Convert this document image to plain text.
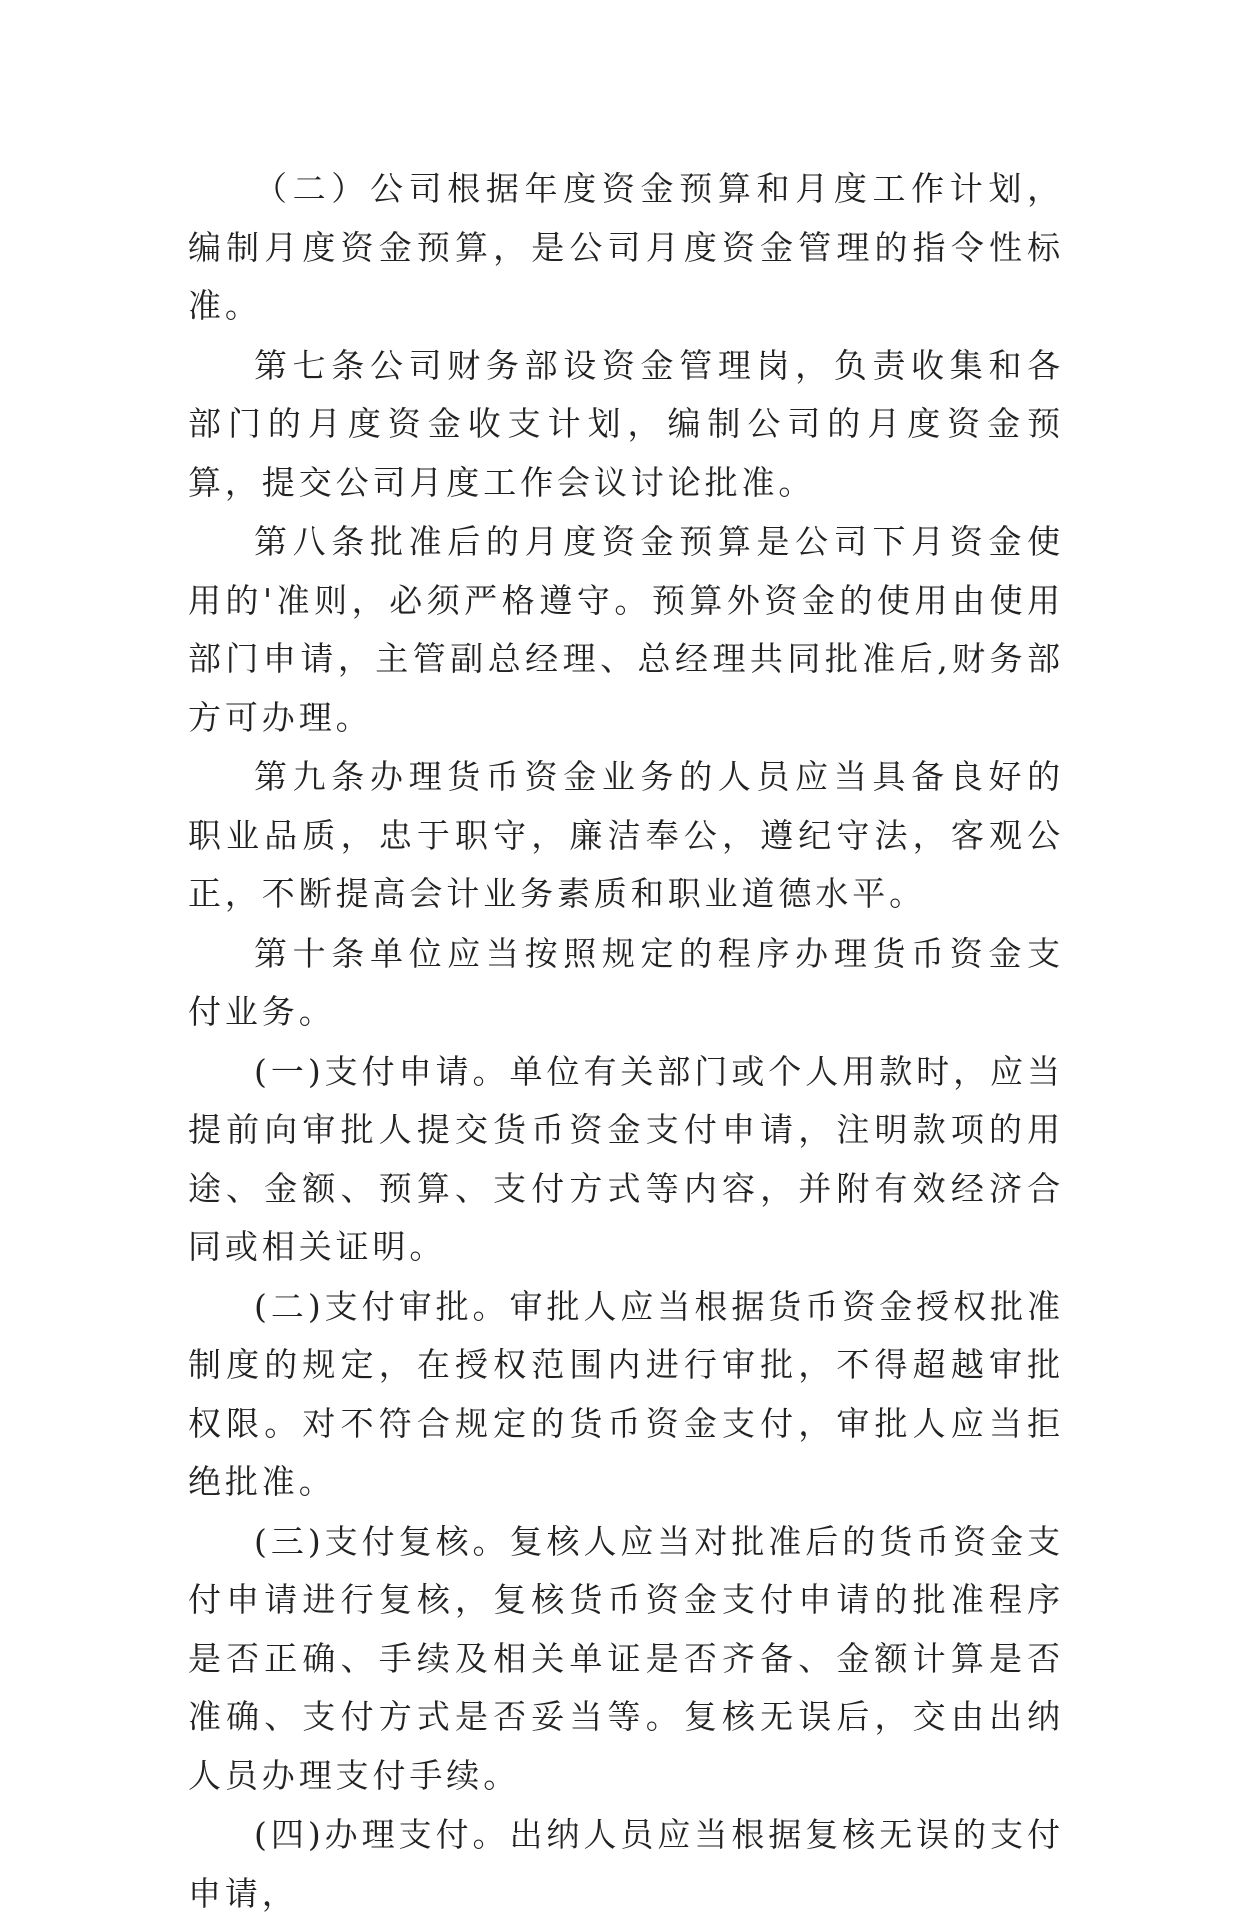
（二）公司根据年度资金预算和月度工作计划，编制月度资金预算，是公司月度资金管理的指令性标准。

第七条公司财务部设资金管理岗，负责收集和各部门的月度资金收支计划，编制公司的月度资金预算，提交公司月度工作会议讨论批准。

第八条批准后的月度资金预算是公司下月资金使用的'准则，必须严格遵守。预算外资金的使用由使用部门申请，主管副总经理、总经理共同批准后,财务部方可办理。

第九条办理货币资金业务的人员应当具备良好的职业品质，忠于职守，廉洁奉公，遵纪守法，客观公正，不断提高会计业务素质和职业道德水平。

第十条单位应当按照规定的程序办理货币资金支付业务。

(一)支付申请。单位有关部门或个人用款时，应当提前向审批人提交货币资金支付申请，注明款项的用途、金额、预算、支付方式等内容，并附有效经济合同或相关证明。

(二)支付审批。审批人应当根据货币资金授权批准制度的规定，在授权范围内进行审批，不得超越审批权限。对不符合规定的货币资金支付，审批人应当拒绝批准。

(三)支付复核。复核人应当对批准后的货币资金支付申请进行复核，复核货币资金支付申请的批准程序是否正确、手续及相关单证是否齐备、金额计算是否准确、支付方式是否妥当等。复核无误后，交由出纳人员办理支付手续。

(四)办理支付。出纳人员应当根据复核无误的支付申请，
